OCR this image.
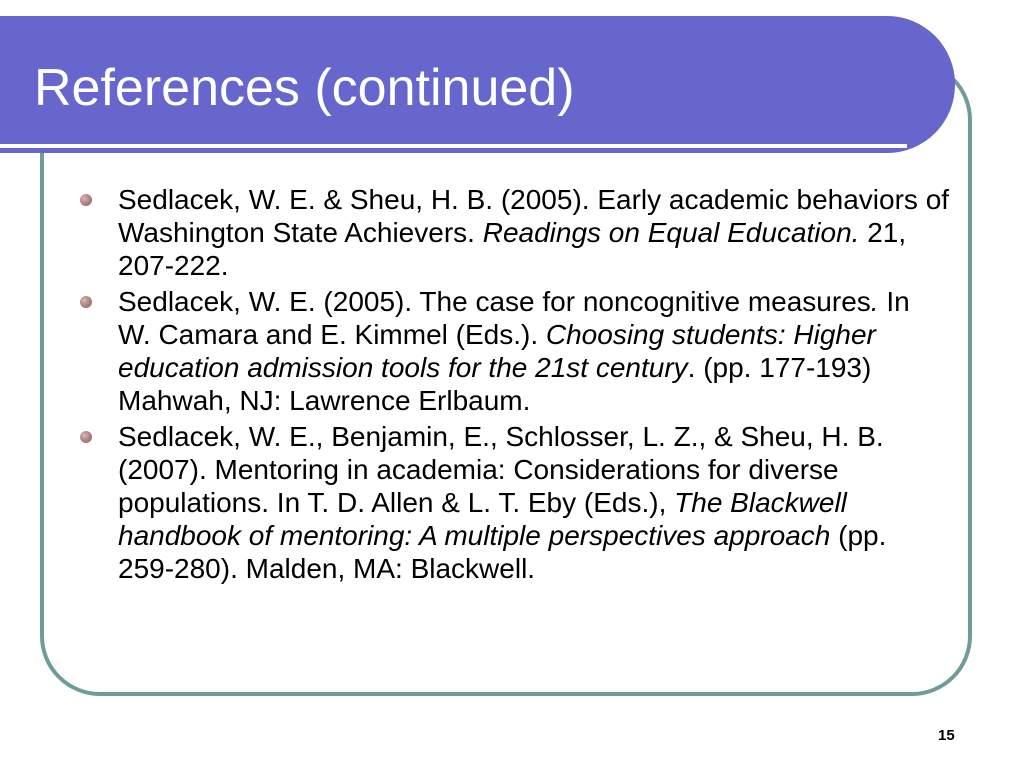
References (continued)
Sedlacek, W. E. & Sheu, H. B. (2005). Early academic behaviors of Washington State Achievers. Readings on Equal Education. 21, 207-222.
Sedlacek, W. E. (2005). The case for noncognitive measures. In W. Camara and E. Kimmel (Eds.). Choosing students: Higher education admission tools for the 21st century. (pp. 177-193) Mahwah, NJ: Lawrence Erlbaum.
Sedlacek, W. E., Benjamin, E., Schlosser, L. Z., & Sheu, H. B. (2007). Mentoring in academia: Considerations for diverse populations. In T. D. Allen & L. T. Eby (Eds.), The Blackwell handbook of mentoring: A multiple perspectives approach (pp. 259-280). Malden, MA: Blackwell.
15
